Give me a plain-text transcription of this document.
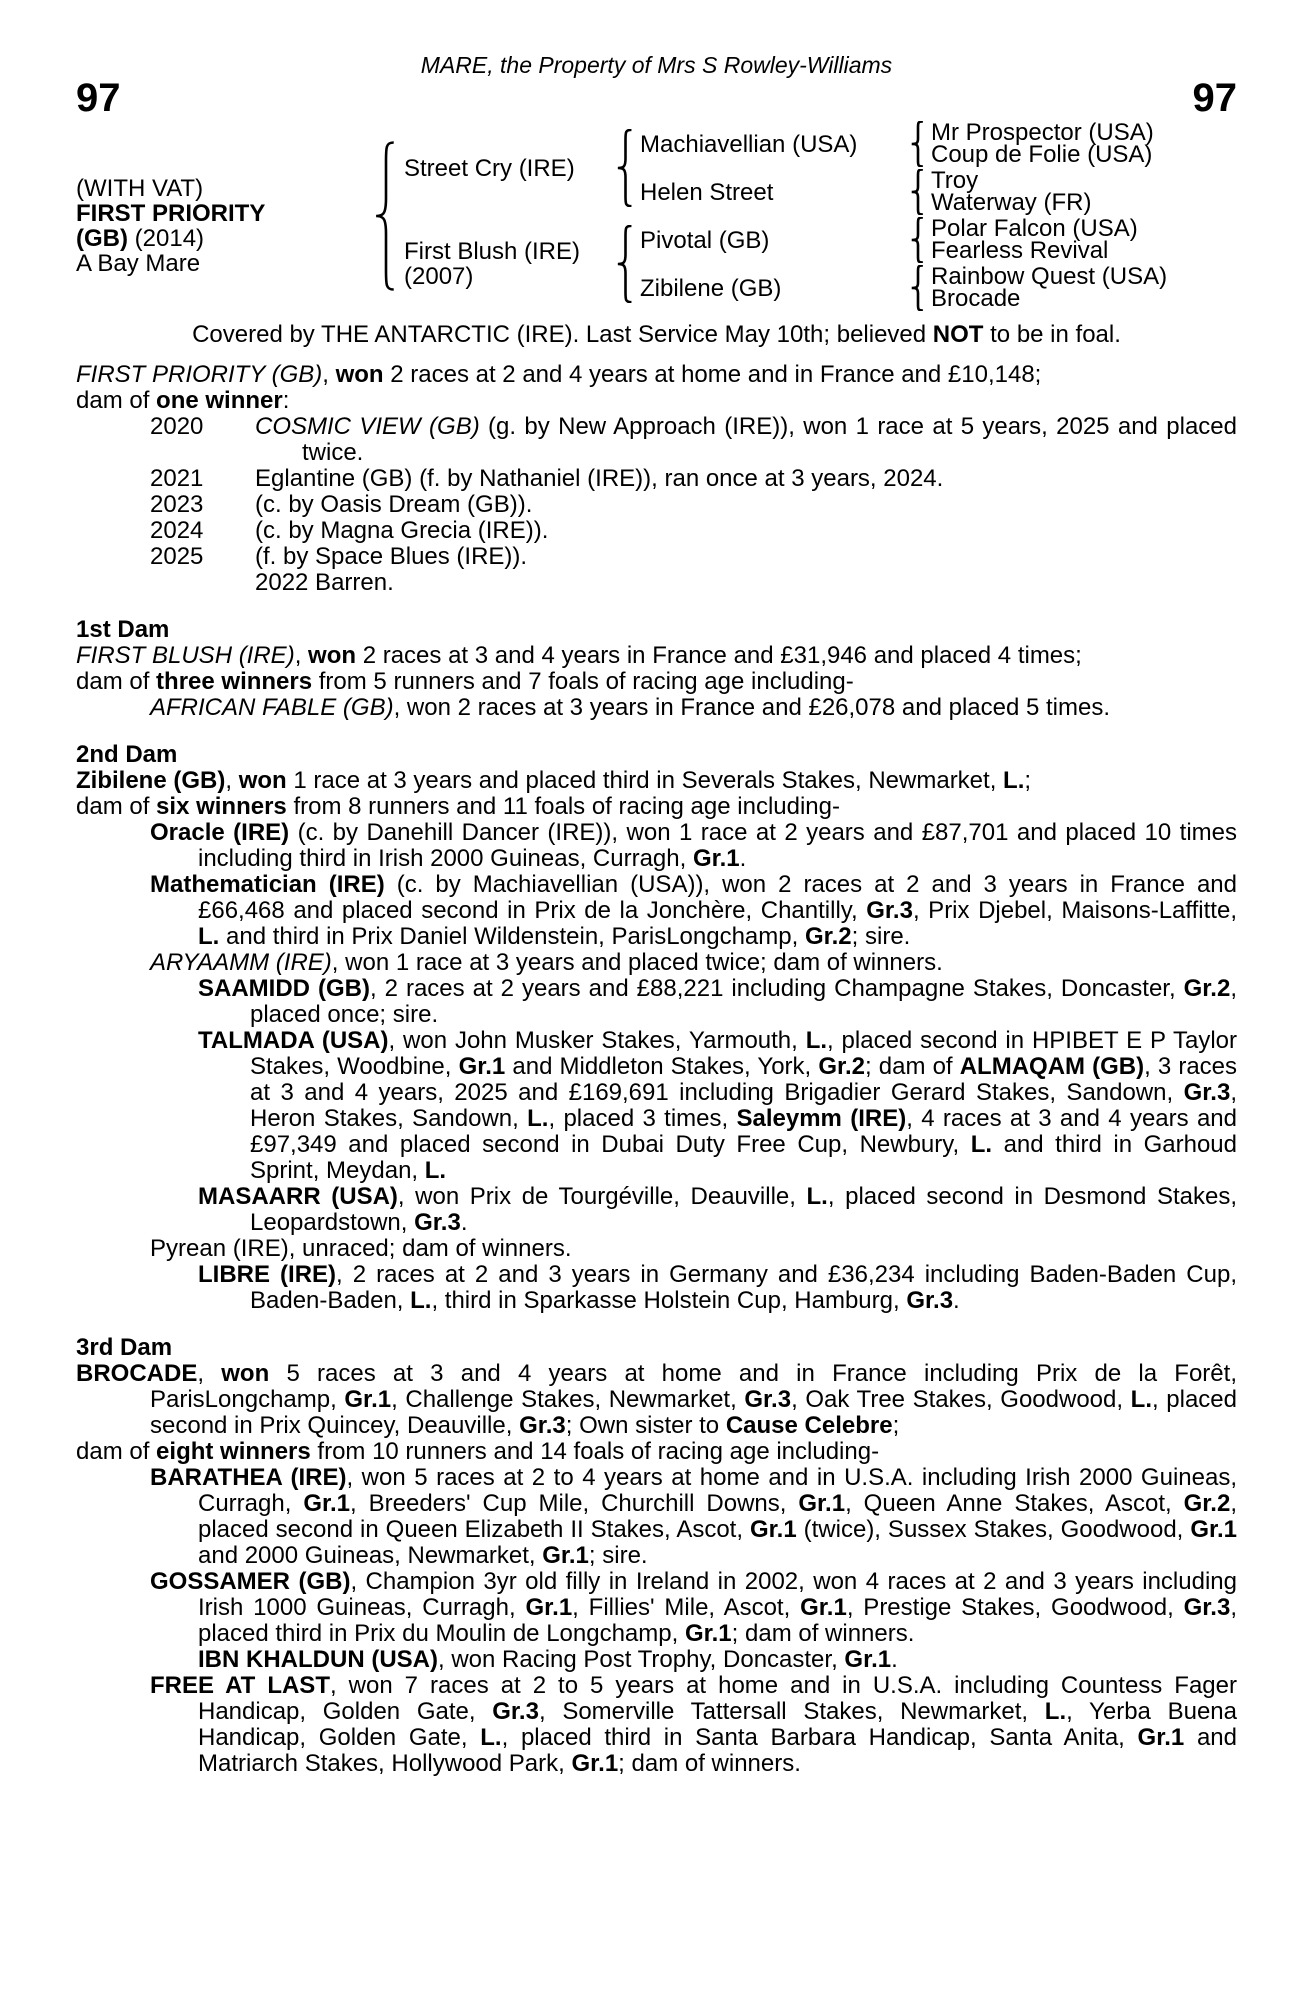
MARE, the Property of Mrs S Rowley-Williams
97	97
(WITH VAT)
FIRST PRIORITY
(GB) (2014)
A Bay Mare
Street Cry (IRE)
First Blush (IRE)
(2007)
Machiavellian (USA)
Helen Street
Pivotal (GB)
Zibilene (GB)
Mr Prospector (USA)
Coup de Folie (USA)
Troy
Waterway (FR)
Polar Falcon (USA)
Fearless Revival
Rainbow Quest (USA)
Brocade
Covered by THE ANTARCTIC (IRE). Last Service May 10th; believed NOT to be in foal.
FIRST PRIORITY (GB), won 2 races at 2 and 4 years at home and in France and £10,148;
dam of one winner:
2020 COSMIC VIEW (GB) (g. by New Approach (IRE)), won 1 race at 5 years, 2025 and placed twice.
2021 Eglantine (GB) (f. by Nathaniel (IRE)), ran once at 3 years, 2024.
2023 (c. by Oasis Dream (GB)).
2024 (c. by Magna Grecia (IRE)).
2025 (f. by Space Blues (IRE)).
2022 Barren.
1st Dam
FIRST BLUSH (IRE), won 2 races at 3 and 4 years in France and £31,946 and placed 4 times;
dam of three winners from 5 runners and 7 foals of racing age including-
AFRICAN FABLE (GB), won 2 races at 3 years in France and £26,078 and placed 5 times.
2nd Dam
Zibilene (GB), won 1 race at 3 years and placed third in Severals Stakes, Newmarket, L.;
dam of six winners from 8 runners and 11 foals of racing age including-
Oracle (IRE) (c. by Danehill Dancer (IRE)), won 1 race at 2 years and £87,701 and placed 10 times including third in Irish 2000 Guineas, Curragh, Gr.1.
Mathematician (IRE) (c. by Machiavellian (USA)), won 2 races at 2 and 3 years in France and £66,468 and placed second in Prix de la Jonchère, Chantilly, Gr.3, Prix Djebel, Maisons-Laffitte, L. and third in Prix Daniel Wildenstein, ParisLongchamp, Gr.2; sire.
ARYAAMM (IRE), won 1 race at 3 years and placed twice; dam of winners.
SAAMIDD (GB), 2 races at 2 years and £88,221 including Champagne Stakes, Doncaster, Gr.2, placed once; sire.
TALMADA (USA), won John Musker Stakes, Yarmouth, L., placed second in HPIBET E P Taylor Stakes, Woodbine, Gr.1 and Middleton Stakes, York, Gr.2; dam of ALMAQAM (GB), 3 races at 3 and 4 years, 2025 and £169,691 including Brigadier Gerard Stakes, Sandown, Gr.3, Heron Stakes, Sandown, L., placed 3 times, Saleymm (IRE), 4 races at 3 and 4 years and £97,349 and placed second in Dubai Duty Free Cup, Newbury, L. and third in Garhoud Sprint, Meydan, L.
MASAARR (USA), won Prix de Tourgéville, Deauville, L., placed second in Desmond Stakes, Leopardstown, Gr.3.
Pyrean (IRE), unraced; dam of winners.
LIBRE (IRE), 2 races at 2 and 3 years in Germany and £36,234 including Baden-Baden Cup, Baden-Baden, L., third in Sparkasse Holstein Cup, Hamburg, Gr.3.
3rd Dam
BROCADE, won 5 races at 3 and 4 years at home and in France including Prix de la Forêt, ParisLongchamp, Gr.1, Challenge Stakes, Newmarket, Gr.3, Oak Tree Stakes, Goodwood, L., placed second in Prix Quincey, Deauville, Gr.3; Own sister to Cause Celebre;
dam of eight winners from 10 runners and 14 foals of racing age including-
BARATHEA (IRE), won 5 races at 2 to 4 years at home and in U.S.A. including Irish 2000 Guineas, Curragh, Gr.1, Breeders' Cup Mile, Churchill Downs, Gr.1, Queen Anne Stakes, Ascot, Gr.2, placed second in Queen Elizabeth II Stakes, Ascot, Gr.1 (twice), Sussex Stakes, Goodwood, Gr.1 and 2000 Guineas, Newmarket, Gr.1; sire.
GOSSAMER (GB), Champion 3yr old filly in Ireland in 2002, won 4 races at 2 and 3 years including Irish 1000 Guineas, Curragh, Gr.1, Fillies' Mile, Ascot, Gr.1, Prestige Stakes, Goodwood, Gr.3, placed third in Prix du Moulin de Longchamp, Gr.1; dam of winners.
IBN KHALDUN (USA), won Racing Post Trophy, Doncaster, Gr.1.
FREE AT LAST, won 7 races at 2 to 5 years at home and in U.S.A. including Countess Fager Handicap, Golden Gate, Gr.3, Somerville Tattersall Stakes, Newmarket, L., Yerba Buena Handicap, Golden Gate, L., placed third in Santa Barbara Handicap, Santa Anita, Gr.1 and Matriarch Stakes, Hollywood Park, Gr.1; dam of winners.
